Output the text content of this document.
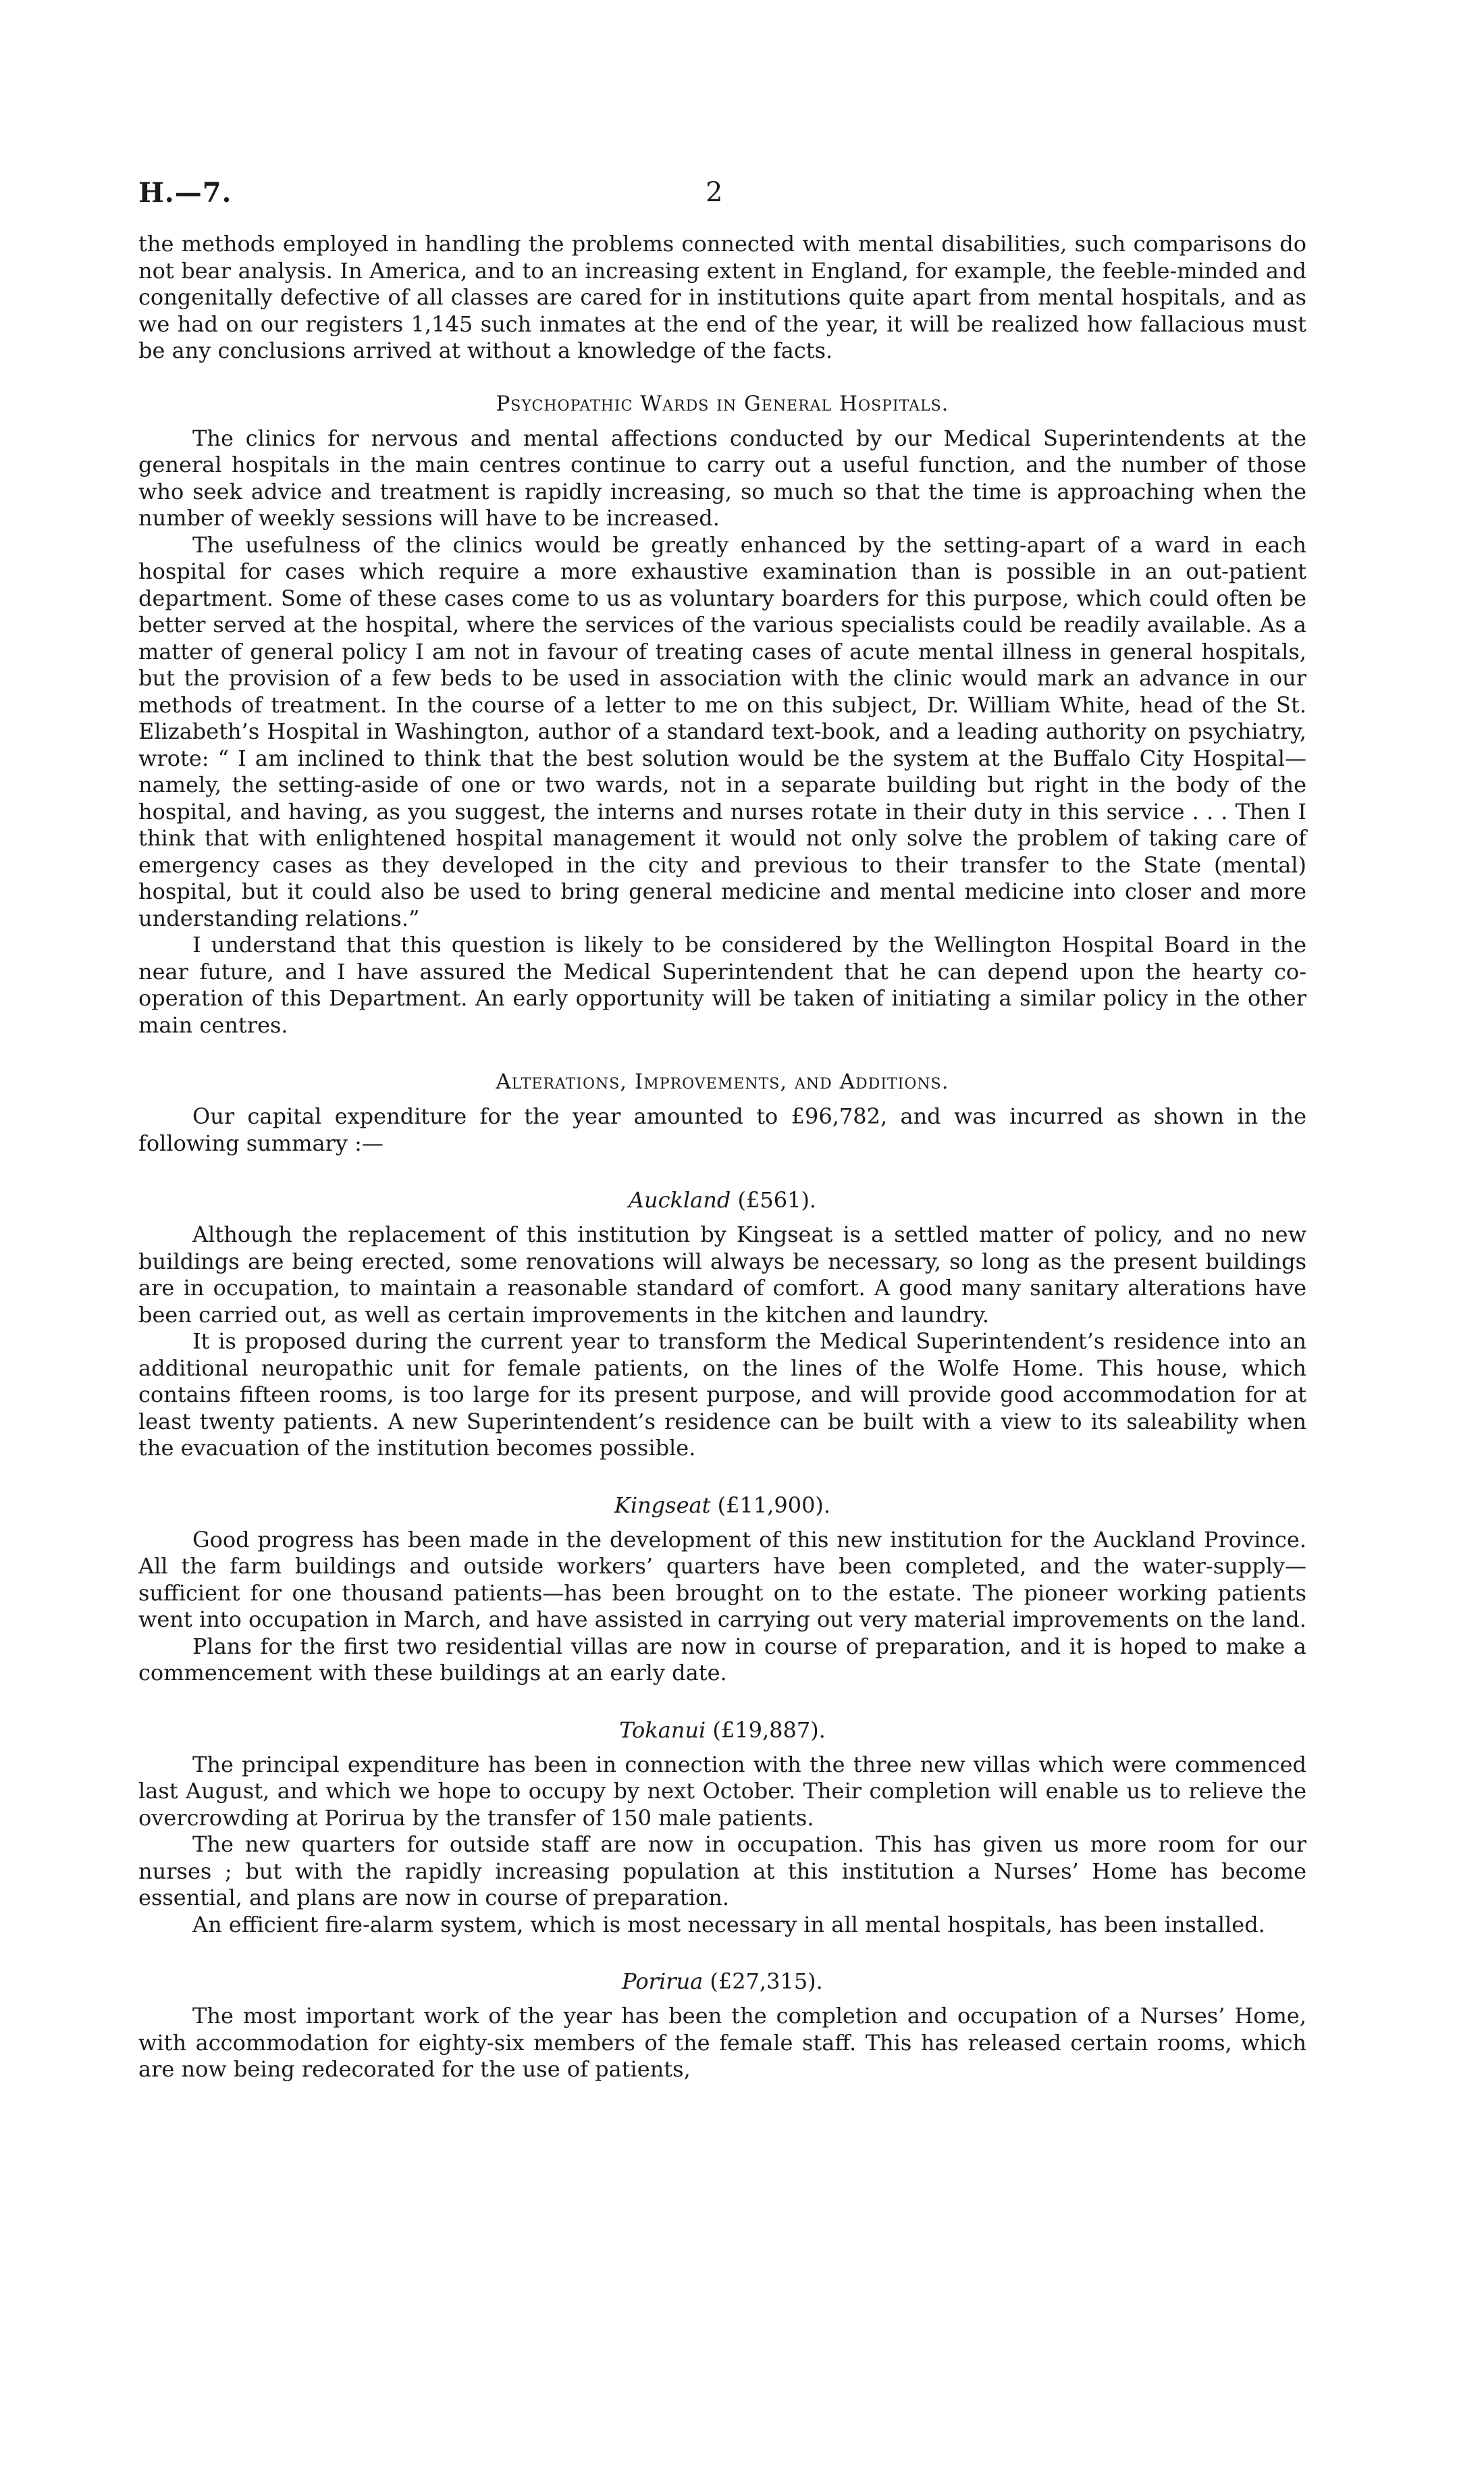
H.—7.	2

the methods employed in handling the problems connected with mental disabilities, such comparisons do not bear analysis. In America, and to an increasing extent in England, for example, the feeble-minded and congenitally defective of all classes are cared for in institutions quite apart from mental hospitals, and as we had on our registers 1,145 such inmates at the end of the year, it will be realized how fallacious must be any conclusions arrived at without a knowledge of the facts.

Psychopathic Wards in General Hospitals.

The clinics for nervous and mental affections conducted by our Medical Superintendents at the general hospitals in the main centres continue to carry out a useful function, and the number of those who seek advice and treatment is rapidly increasing, so much so that the time is approaching when the number of weekly sessions will have to be increased.

The usefulness of the clinics would be greatly enhanced by the setting-apart of a ward in each hospital for cases which require a more exhaustive examination than is possible in an out-patient department. Some of these cases come to us as voluntary boarders for this purpose, which could often be better served at the hospital, where the services of the various specialists could be readily available. As a matter of general policy I am not in favour of treating cases of acute mental illness in general hospitals, but the provision of a few beds to be used in association with the clinic would mark an advance in our methods of treatment. In the course of a letter to me on this subject, Dr. William White, head of the St. Elizabeth’s Hospital in Washington, author of a standard text-book, and a leading authority on psychiatry, wrote: “ I am inclined to think that the best solution would be the system at the Buffalo City Hospital—namely, the setting-aside of one or two wards, not in a separate building but right in the body of the hospital, and having, as you suggest, the interns and nurses rotate in their duty in this service . . . Then I think that with enlightened hospital management it would not only solve the problem of taking care of emergency cases as they developed in the city and previous to their transfer to the State (mental) hospital, but it could also be used to bring general medicine and mental medicine into closer and more understanding relations.”

I understand that this question is likely to be considered by the Wellington Hospital Board in the near future, and I have assured the Medical Superintendent that he can depend upon the hearty co-operation of this Department. An early opportunity will be taken of initiating a similar policy in the other main centres.

Alterations, Improvements, and Additions.

Our capital expenditure for the year amounted to £96,782, and was incurred as shown in the following summary :—

Auckland (£561).

Although the replacement of this institution by Kingseat is a settled matter of policy, and no new buildings are being erected, some renovations will always be necessary, so long as the present buildings are in occupation, to maintain a reasonable standard of comfort. A good many sanitary alterations have been carried out, as well as certain improvements in the kitchen and laundry.

It is proposed during the current year to transform the Medical Superintendent’s residence into an additional neuropathic unit for female patients, on the lines of the Wolfe Home. This house, which contains fifteen rooms, is too large for its present purpose, and will provide good accommodation for at least twenty patients. A new Superintendent’s residence can be built with a view to its saleability when the evacuation of the institution becomes possible.

Kingseat (£11,900).

Good progress has been made in the development of this new institution for the Auckland Province. All the farm buildings and outside workers’ quarters have been completed, and the water-supply—sufficient for one thousand patients—has been brought on to the estate. The pioneer working patients went into occupation in March, and have assisted in carrying out very material improvements on the land.

Plans for the first two residential villas are now in course of preparation, and it is hoped to make a commencement with these buildings at an early date.

Tokanui (£19,887).

The principal expenditure has been in connection with the three new villas which were commenced last August, and which we hope to occupy by next October. Their completion will enable us to relieve the overcrowding at Porirua by the transfer of 150 male patients.

The new quarters for outside staff are now in occupation. This has given us more room for our nurses ; but with the rapidly increasing population at this institution a Nurses’ Home has become essential, and plans are now in course of preparation.

An efficient fire-alarm system, which is most necessary in all mental hospitals, has been installed.

Porirua (£27,315).

The most important work of the year has been the completion and occupation of a Nurses’ Home, with accommodation for eighty-six members of the female staff. This has released certain rooms, which are now being redecorated for the use of patients,
